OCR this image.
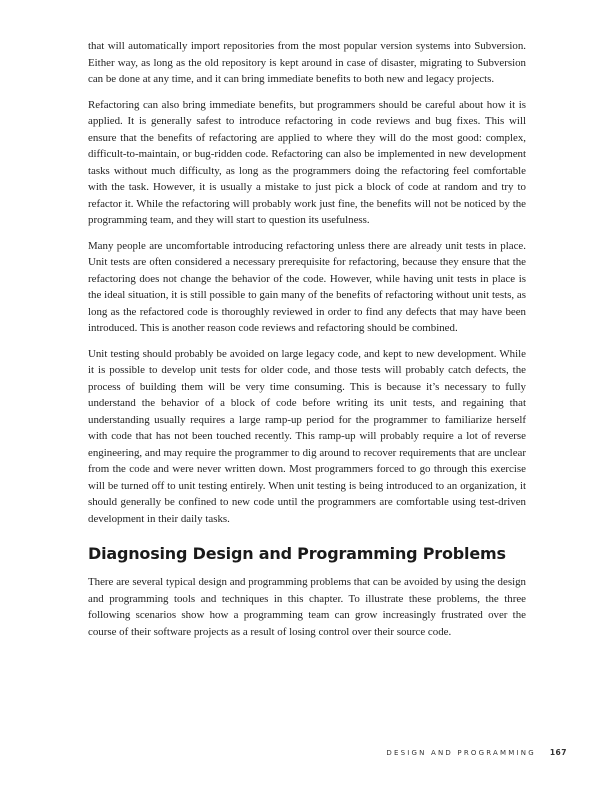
that will automatically import repositories from the most popular version systems into Subversion. Either way, as long as the old repository is kept around in case of disaster, migrating to Subversion can be done at any time, and it can bring immediate benefits to both new and legacy projects.

Refactoring can also bring immediate benefits, but programmers should be careful about how it is applied. It is generally safest to introduce refactoring in code reviews and bug fixes. This will ensure that the benefits of refactoring are applied to where they will do the most good: complex, difficult-to-maintain, or bug-ridden code. Refactoring can also be implemented in new development tasks without much difficulty, as long as the programmers doing the refactoring feel comfortable with the task. However, it is usually a mistake to just pick a block of code at random and try to refactor it. While the refactoring will probably work just fine, the benefits will not be noticed by the programming team, and they will start to question its usefulness.

Many people are uncomfortable introducing refactoring unless there are already unit tests in place. Unit tests are often considered a necessary prerequisite for refactoring, because they ensure that the refactoring does not change the behavior of the code. However, while having unit tests in place is the ideal situation, it is still possible to gain many of the benefits of refactoring without unit tests, as long as the refactored code is thoroughly reviewed in order to find any defects that may have been introduced. This is another reason code reviews and refactoring should be combined.

Unit testing should probably be avoided on large legacy code, and kept to new development. While it is possible to develop unit tests for older code, and those tests will probably catch defects, the process of building them will be very time consuming. This is because it’s necessary to fully understand the behavior of a block of code before writing its unit tests, and regaining that understanding usually requires a large ramp-up period for the programmer to familiarize herself with code that has not been touched recently. This ramp-up will probably require a lot of reverse engineering, and may require the programmer to dig around to recover requirements that are unclear from the code and were never written down. Most programmers forced to go through this exercise will be turned off to unit testing entirely. When unit testing is being introduced to an organization, it should generally be confined to new code until the programmers are comfortable using test-driven development in their daily tasks.

Diagnosing Design and Programming Problems

There are several typical design and programming problems that can be avoided by using the design and programming tools and techniques in this chapter. To illustrate these problems, the three following scenarios show how a programming team can grow increasingly frustrated over the course of their software projects as a result of losing control over their source code.

DESIGN AND PROGRAMMING 167
